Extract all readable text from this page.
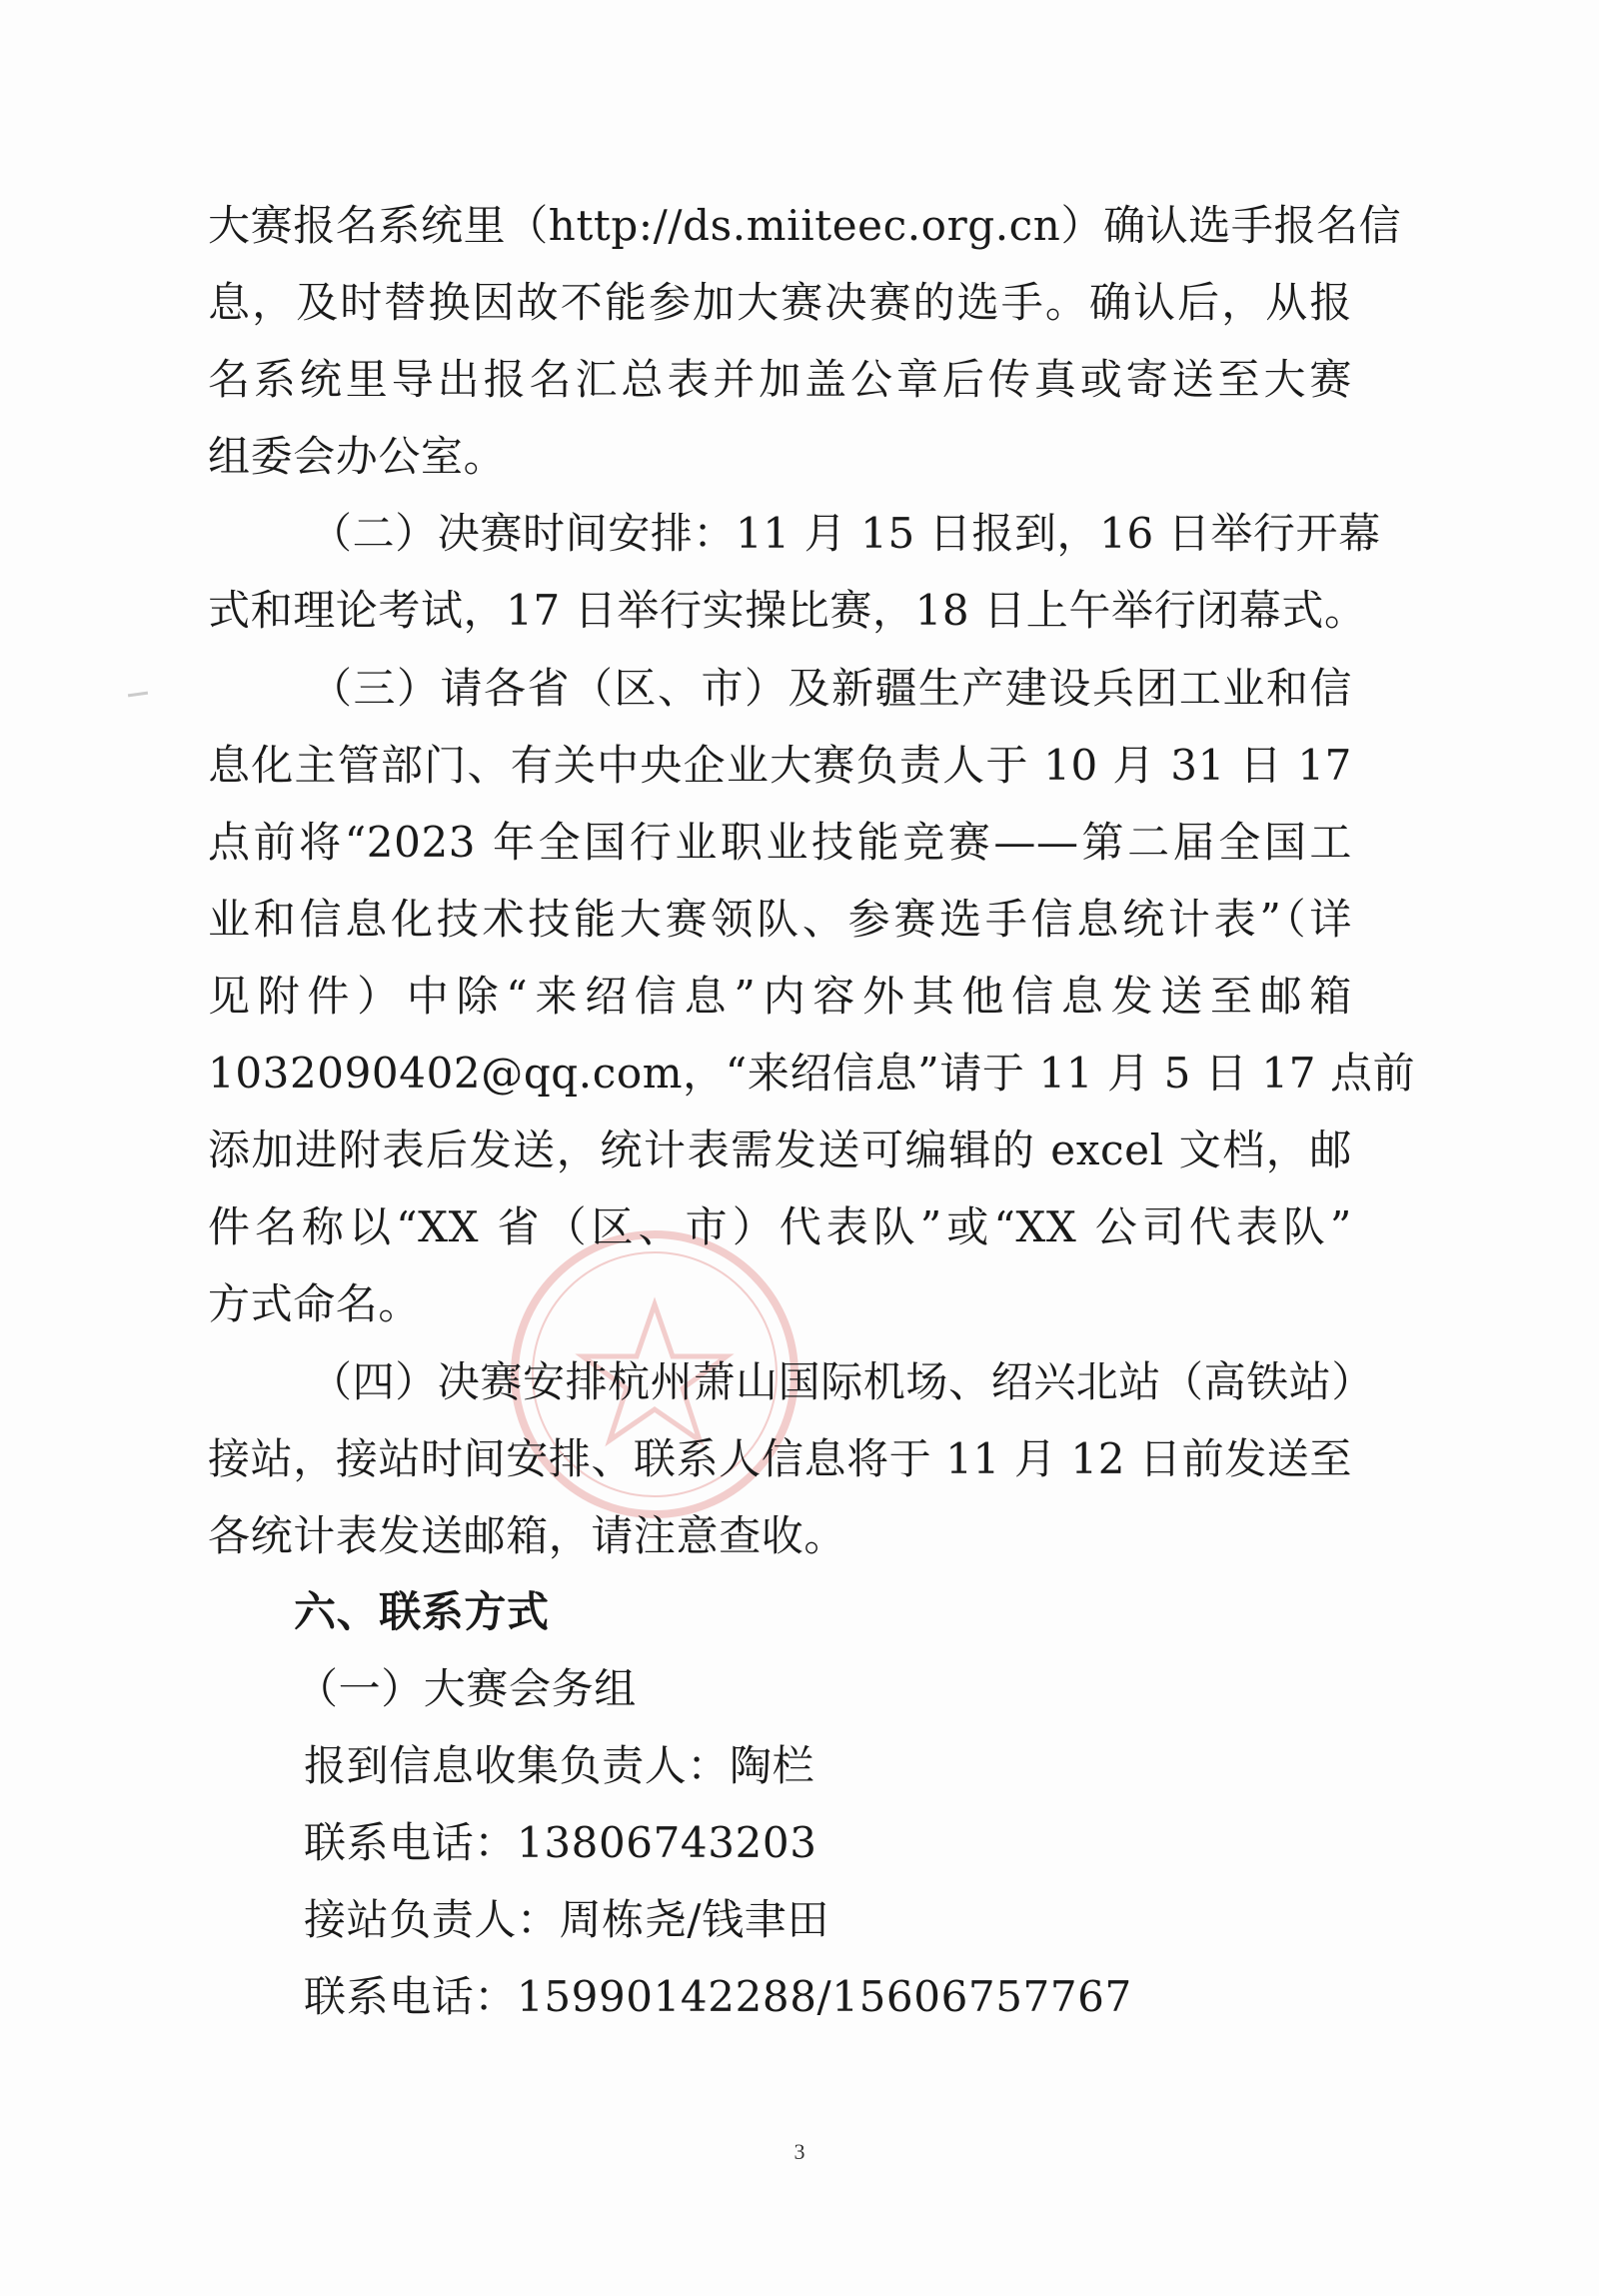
大赛报名系统里（http://ds.miiteec.org.cn）确认选手报名信
息，及时替换因故不能参加大赛决赛的选手。确认后，从报
名系统里导出报名汇总表并加盖公章后传真或寄送至大赛
组委会办公室。
（二）决赛时间安排：11 月 15 日报到，16 日举行开幕
式和理论考试，17 日举行实操比赛，18 日上午举行闭幕式。
（三）请各省（区、市）及新疆生产建设兵团工业和信
息化主管部门、有关中央企业大赛负责人于 10 月 31 日 17
点前将“2023 年全国行业职业技能竞赛——第二届全国工
业和信息化技术技能大赛领队、参赛选手信息统计表”（详
见附件）中除“来绍信息”内容外其他信息发送至邮箱
1032090402@qq.com，“来绍信息”请于 11 月 5 日 17 点前
添加进附表后发送，统计表需发送可编辑的 excel 文档，邮
件名称以“XX 省（区、市）代表队”或“XX 公司代表队”
方式命名。
（四）决赛安排杭州萧山国际机场、绍兴北站（高铁站）
接站，接站时间安排、联系人信息将于 11 月 12 日前发送至
各统计表发送邮箱，请注意查收。
六、联系方式
（一）大赛会务组
报到信息收集负责人：陶栏
联系电话：13806743203
接站负责人：周栋尧/钱聿田
联系电话：15990142288/15606757767
3
